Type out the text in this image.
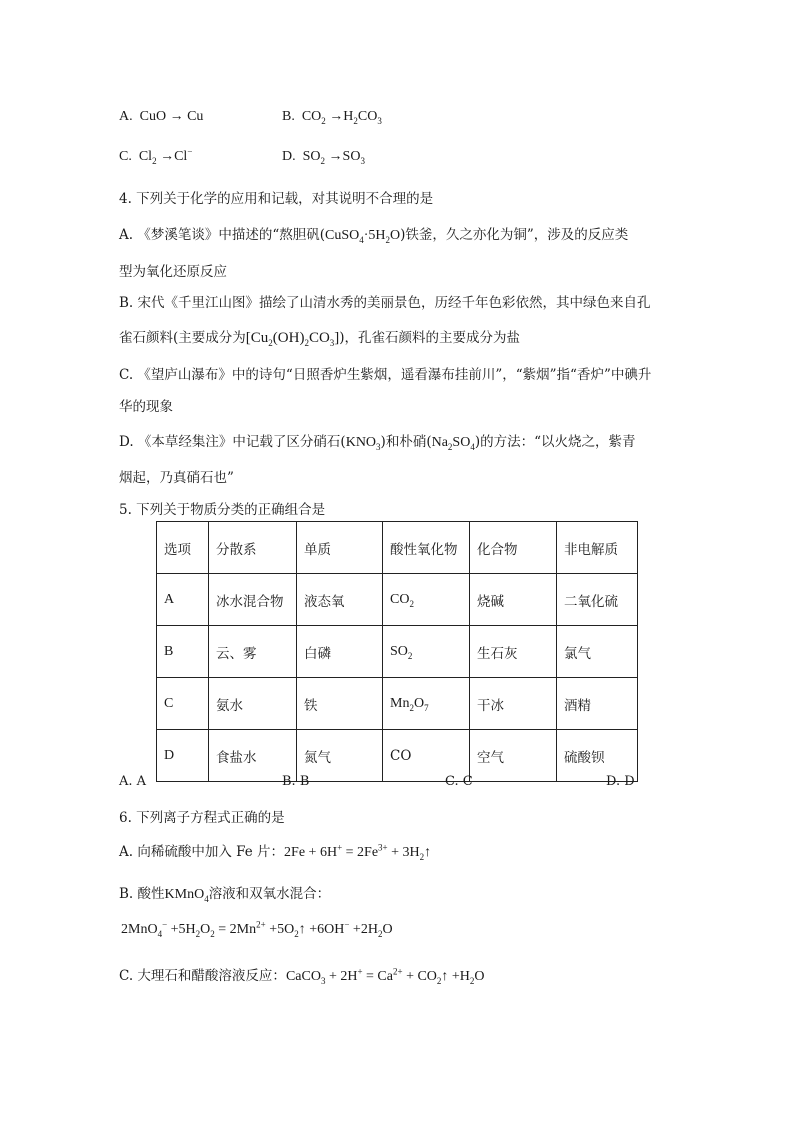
A. CuO → Cu	B. $CO_2 \to H_2CO_3$
C. $Cl_2 \to Cl^-$	D. $SO_2 \to SO_3$
4. 下列关于化学的应用和记载，对其说明不合理的是
A. 《梦溪笔谈》中描述的“熬胆矾$(CuSO_4\cdot 5H_2O)$铁釜，久之亦化为铜”，涉及的反应类
型为氧化还原反应
B. 宋代《千里江山图》描绘了山清水秀的美丽景色，历经千年色彩依然，其中绿色来自孔
雀石颜料(主要成分为$[Cu_2(OH)_2CO_3]$)，孔雀石颜料的主要成分为盐
C. 《望庐山瀑布》中的诗句“日照香炉生紫烟，遥看瀑布挂前川”，“紫烟”指“香炉”中碘升
华的现象
D. 《本草经集注》中记载了区分硝石$(KNO_3)$和朴硝$(Na_2SO_4)$的方法：“以火烧之，紫青
烟起，乃真硝石也”
5. 下列关于物质分类的正确组合是
选项	分散系	单质	酸性氧化物	化合物	非电解质
A	冰水混合物	液态氧	$CO_2$	烧碱	二氧化硫
B	云、雾	白磷	$SO_2$	生石灰	氯气
C	氨水	铁	$Mn_2O_7$	干冰	酒精
D	食盐水	氮气	CO	空气	硫酸钡
A. A	B. B	C. C	D. D
6. 下列离子方程式正确的是
A. 向稀硫酸中加入 Fe 片：$2Fe + 6H^+ = 2Fe^{3+}$ + $3H_2↑$
B. 酸性KMnO$_4$溶液和双氧水混合：
$2MnO_4^- +5H_2O_2 = 2Mn^{2+}$ $+5O_2↑ +6OH^- +2H_2O$
C. 大理石和醋酸溶液反应：CaCO$_3$ + $2H^+ = Ca^{2+}$ + $CO_2↑ +H_2O$
